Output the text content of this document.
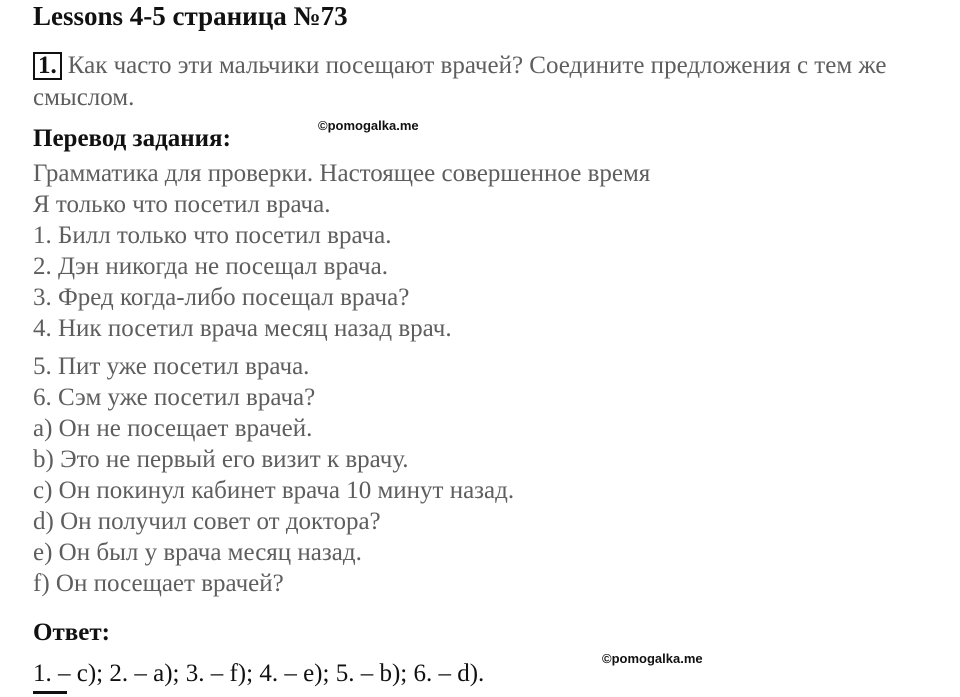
Lessons 4-5 страница №73
1. Как часто эти мальчики посещают врачей? Соедините предложения с тем же смыслом.
©pomogalka.me
Перевод задания:
Грамматика для проверки. Настоящее совершенное время
Я только что посетил врача.
1. Билл только что посетил врача.
2. Дэн никогда не посещал врача.
3. Фред когда-либо посещал врача?
4. Ник посетил врача месяц назад врач.
5. Пит уже посетил врача.
6. Сэм уже посетил врача?
a) Он не посещает врачей.
b) Это не первый его визит к врачу.
c) Он покинул кабинет врача 10 минут назад.
d) Он получил совет от доктора?
e) Он был у врача месяц назад.
f) Он посещает врачей?
Ответ:
©pomogalka.me
1. – c); 2. – a); 3. – f); 4. – e); 5. – b); 6. – d).
